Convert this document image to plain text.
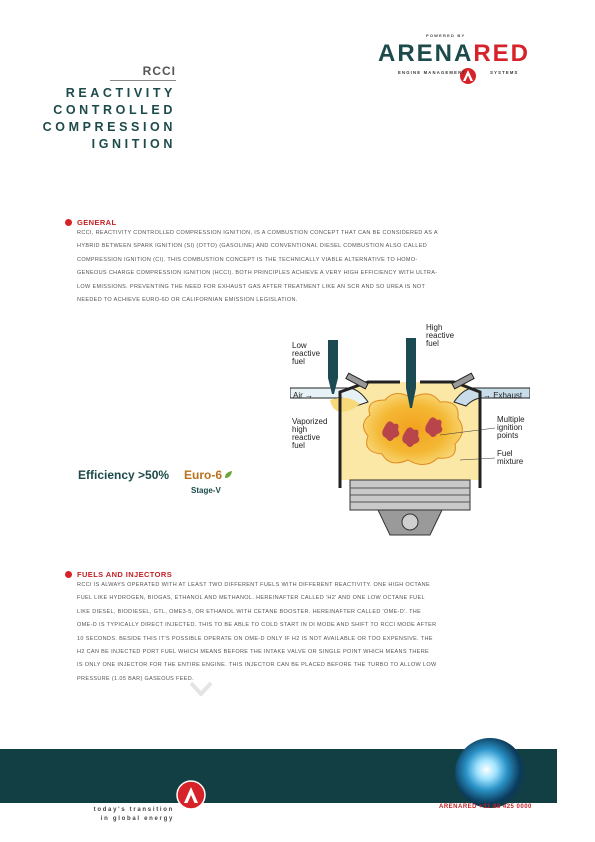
POWERED BY
ARENARED
ENGINE MANAGEMENT	SYSTEMS
RCCI
REACTIVITY
CONTROLLED
COMPRESSION
IGNITION
GENERAL
RCCI, REACTIVITY CONTROLLED COMPRESSION IGNITION, IS A COMBUSTION CONCEPT THAT CAN BE CONSIDERED AS A
HYBRID BETWEEN SPARK IGNITION (SI) (OTTO) (GASOLINE) AND CONVENTIONAL DIESEL COMBUSTION ALSO CALLED
COMPRESSION IGNITION (CI). THIS COMBUSTION CONCEPT IS THE TECHNICALLY VIABLE ALTERNATIVE TO HOMO-
GENEOUS CHARGE COMPRESSION IGNITION (HCCI). BOTH PRINCIPLES ACHIEVE A VERY HIGH EFFICIENCY WITH ULTRA-
LOW EMISSIONS. PREVENTING THE NEED FOR EXHAUST GAS AFTER TREATMENT LIKE AN SCR AND SO UREA IS NOT
NEEDED TO ACHIEVE EURO-6D OR CALIFORNIAN EMISSION LEGISLATION.
Low
reactive
fuel
High
reactive
fuel
Air →	→ Exhaust
Vaporized
high
reactive
fuel
Multiple
ignition
points
Fuel
mixture
Efficiency >50% Euro-6
Stage-V
FUELS AND INJECTORS
RCCI IS ALWAYS OPERATED WITH AT LEAST TWO DIFFERENT FUELS WITH DIFFERENT REACTIVITY. ONE HIGH OCTANE
FUEL LIKE HYDROGEN, BIOGAS, ETHANOL AND METHANOL. HEREINAFTER CALLED 'H2' AND ONE LOW OCTANE FUEL
LIKE DIESEL, BIODIESEL, GTL, OME3-5, OR ETHANOL WITH CETANE BOOSTER. HEREINAFTER CALLED 'OME-D'. THE
OME-D IS TYPICALLY DIRECT INJECTED. THIS TO BE ABLE TO COLD START IN DI MODE AND SHIFT TO RCCI MODE AFTER
10 SECONDS. BESIDE THIS IT'S POSSIBLE OPERATE ON OME-D ONLY IF H2 IS NOT AVAILABLE OR TOO EXPENSIVE. THE
H2 CAN BE INJECTED PORT FUEL WHICH MEANS BEFORE THE INTAKE VALVE OR SINGLE POINT WHICH MEANS THERE
IS ONLY ONE INJECTOR FOR THE ENTIRE ENGINE. THIS INJECTOR CAN BE PLACED BEFORE THE TURBO TO ALLOW LOW
PRESSURE (1.05 BAR) GASEOUS FEED.
today's transition
in global energy
ARENARED +31 88 425 0000
